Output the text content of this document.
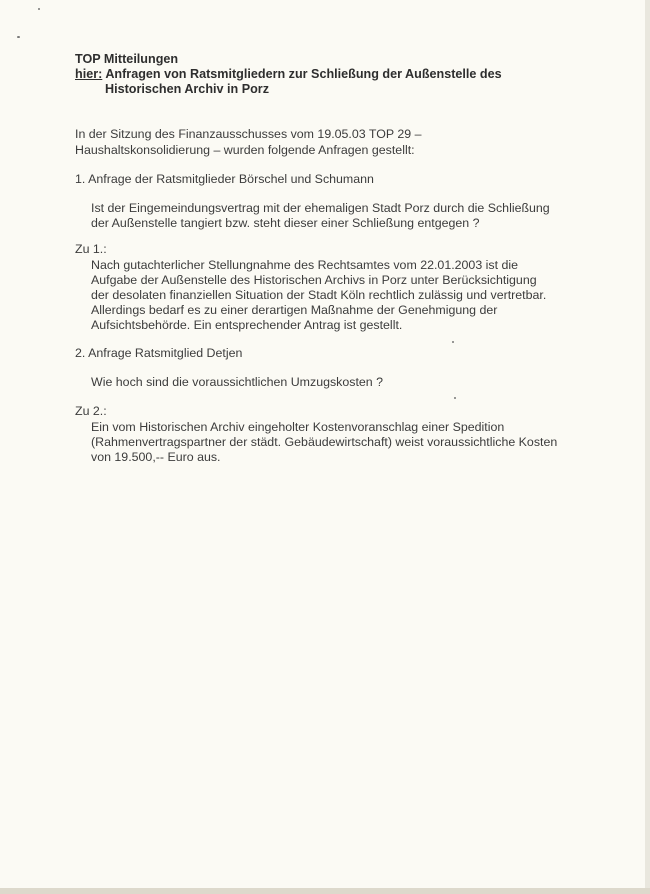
TOP Mitteilungen
hier: Anfragen von Ratsmitgliedern zur Schließung der Außenstelle des
Historischen Archiv in Porz
In der Sitzung des Finanzausschusses vom 19.05.03 TOP 29 –
Haushaltskonsolidierung – wurden folgende Anfragen gestellt:
1. Anfrage der Ratsmitglieder Börschel und Schumann
Ist der Eingemeindungsvertrag mit der ehemaligen Stadt Porz durch die Schließung
der Außenstelle tangiert bzw. steht dieser einer Schließung entgegen ?
Zu 1.:
Nach gutachterlicher Stellungnahme des Rechtsamtes vom 22.01.2003 ist die
Aufgabe der Außenstelle des Historischen Archivs in Porz unter Berücksichtigung
der desolaten finanziellen Situation der Stadt Köln rechtlich zulässig und vertretbar.
Allerdings bedarf es zu einer derartigen Maßnahme der Genehmigung der
Aufsichtsbehörde. Ein entsprechender Antrag ist gestellt.
2. Anfrage Ratsmitglied Detjen
Wie hoch sind die voraussichtlichen Umzugskosten ?
Zu 2.:
Ein vom Historischen Archiv eingeholter Kostenvoranschlag einer Spedition
(Rahmenvertragspartner der städt. Gebäudewirtschaft) weist voraussichtliche Kosten
von 19.500,-- Euro aus.
